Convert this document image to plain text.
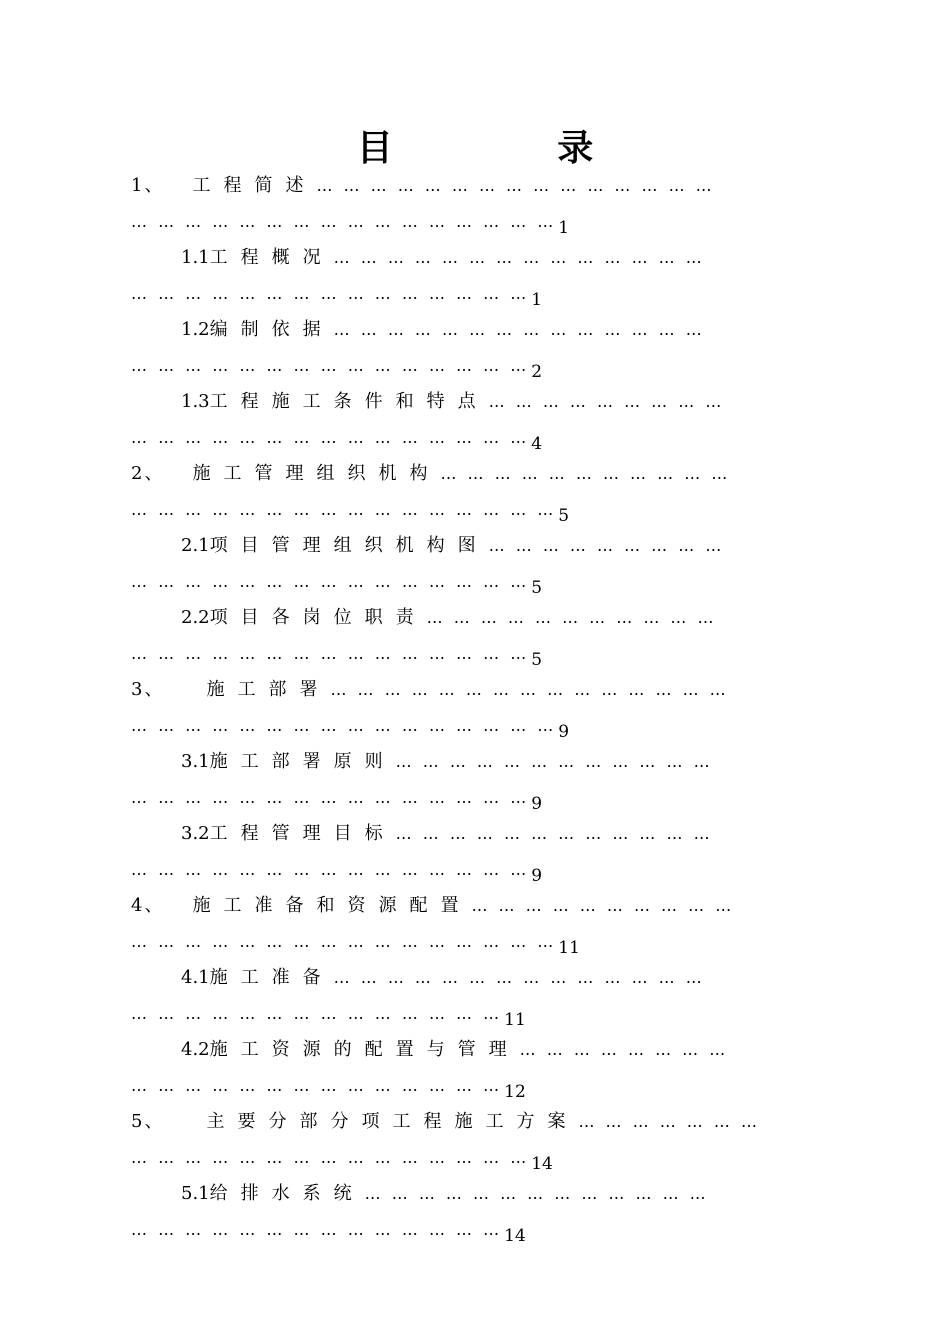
目 录
1 、 工程简述… … … … … … … … … … … … … … …
… … … … … … … … … … … … … … … … 1
1.1工程概况… … … … … … … … … … … … … …
… … … … … … … … … … … … … … … 1
1.2编制依据… … … … … … … … … … … … … …
… … … … … … … … … … … … … … … 2
1.3工程施工条件和特点… … … … … … … … …
… … … … … … … … … … … … … … … 4
2 、 施工管理组织机构… … … … … … … … … … …
… … … … … … … … … … … … … … … … 5
2.1项目管理组织机构图… … … … … … … … …
… … … … … … … … … … … … … … … 5
2.2项目各岗位职责… … … … … … … … … … …
… … … … … … … … … … … … … … … 5
3 、 施工部署… … … … … … … … … … … … … … …
… … … … … … … … … … … … … … … … 9
3.1施工部署原则… … … … … … … … … … … …
… … … … … … … … … … … … … … … 9
3.2工程管理目标… … … … … … … … … … … …
… … … … … … … … … … … … … … … 9
4 、 施工准备和资源配置… … … … … … … … … …
… … … … … … … … … … … … … … … … 11
4.1施工准备… … … … … … … … … … … … … …
… … … … … … … … … … … … … … 11
4.2施工资源的配置与管理… … … … … … … …
… … … … … … … … … … … … … … 12
5 、 主要分部分项工程施工方案… … … … … … …
… … … … … … … … … … … … … … … 14
5.1给排水系统… … … … … … … … … … … … …
… … … … … … … … … … … … … … 14
